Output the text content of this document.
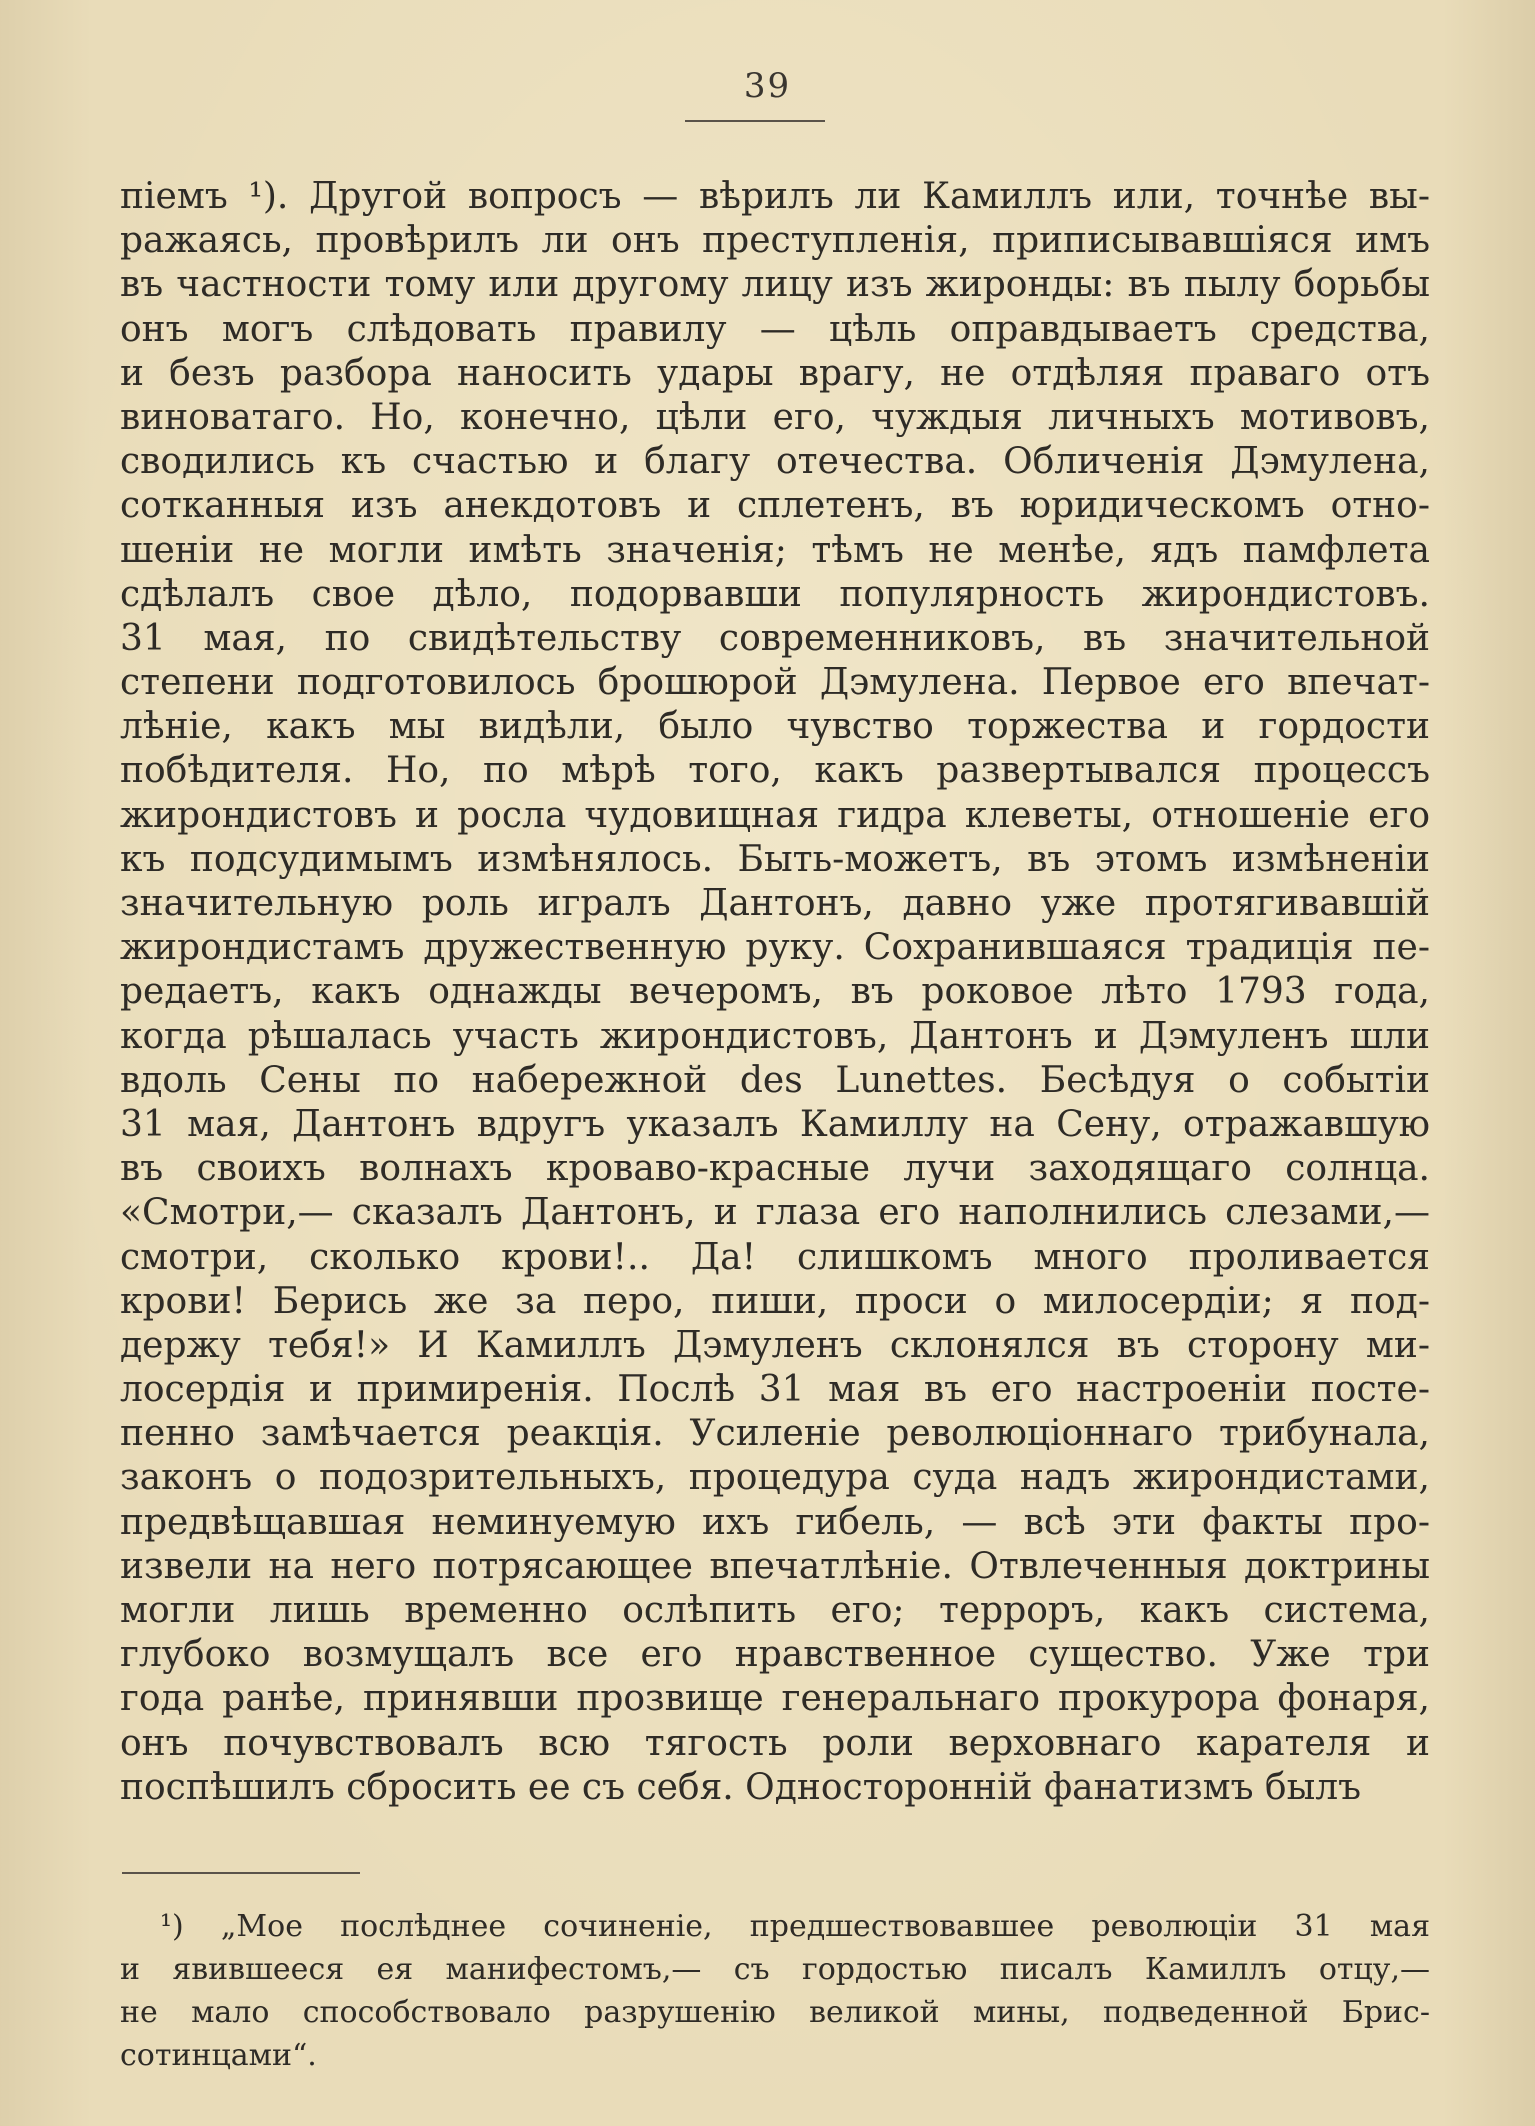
39
піемъ ¹). Другой вопросъ — вѣрилъ ли Камиллъ или, точнѣе вы-
ражаясь, провѣрилъ ли онъ преступленія, приписывавшіяся имъ
въ частности тому или другому лицу изъ жиронды: въ пылу борьбы
онъ могъ слѣдовать правилу — цѣль оправдываетъ средства,
и безъ разбора наносить удары врагу, не отдѣляя праваго отъ
виноватаго. Но, конечно, цѣли его, чуждыя личныхъ мотивовъ,
сводились къ счастью и благу отечества. Обличенія Дэмулена,
сотканныя изъ анекдотовъ и сплетенъ, въ юридическомъ отно-
шеніи не могли имѣть значенія; тѣмъ не менѣе, ядъ памфлета
сдѣлалъ свое дѣло, подорвавши популярность жирондистовъ.
31 мая, по свидѣтельству современниковъ, въ значительной
степени подготовилось брошюрой Дэмулена. Первое его впечат-
лѣніе, какъ мы видѣли, было чувство торжества и гордости
побѣдителя. Но, по мѣрѣ того, какъ развертывался процессъ
жирондистовъ и росла чудовищная гидра клеветы, отношеніе его
къ подсудимымъ измѣнялось. Быть-можетъ, въ этомъ измѣненіи
значительную роль игралъ Дантонъ, давно уже протягивавшій
жирондистамъ дружественную руку. Сохранившаяся традиція пе-
редаетъ, какъ однажды вечеромъ, въ роковое лѣто 1793 года,
когда рѣшалась участь жирондистовъ, Дантонъ и Дэмуленъ шли
вдоль Сены по набережной des Lunettes. Бесѣдуя о событіи
31 мая, Дантонъ вдругъ указалъ Камиллу на Сену, отражавшую
въ своихъ волнахъ кроваво-красные лучи заходящаго солнца.
«Смотри,— сказалъ Дантонъ, и глаза его наполнились слезами,—
смотри, сколько крови!.. Да! слишкомъ много проливается
крови! Берись же за перо, пиши, проси о милосердіи; я под-
держу тебя!» И Камиллъ Дэмуленъ склонялся въ сторону ми-
лосердія и примиренія. Послѣ 31 мая въ его настроеніи посте-
пенно замѣчается реакція. Усиленіе революціоннаго трибунала,
законъ о подозрительныхъ, процедура суда надъ жирондистами,
предвѣщавшая неминуемую ихъ гибель, — всѣ эти факты про-
извели на него потрясающее впечатлѣніе. Отвлеченныя доктрины
могли лишь временно ослѣпить его; терроръ, какъ система,
глубоко возмущалъ все его нравственное существо. Уже три
года ранѣе, принявши прозвище генеральнаго прокурора фонаря,
онъ почувствовалъ всю тягость роли верховнаго карателя и
поспѣшилъ сбросить ее съ себя. Односторонній фанатизмъ былъ
¹) „Мое послѣднее сочиненіе, предшествовавшее революціи 31 мая
и явившееся ея манифестомъ,— съ гордостью писалъ Камиллъ отцу,—
не мало способствовало разрушенію великой мины, подведенной Брис-
сотинцами“.
